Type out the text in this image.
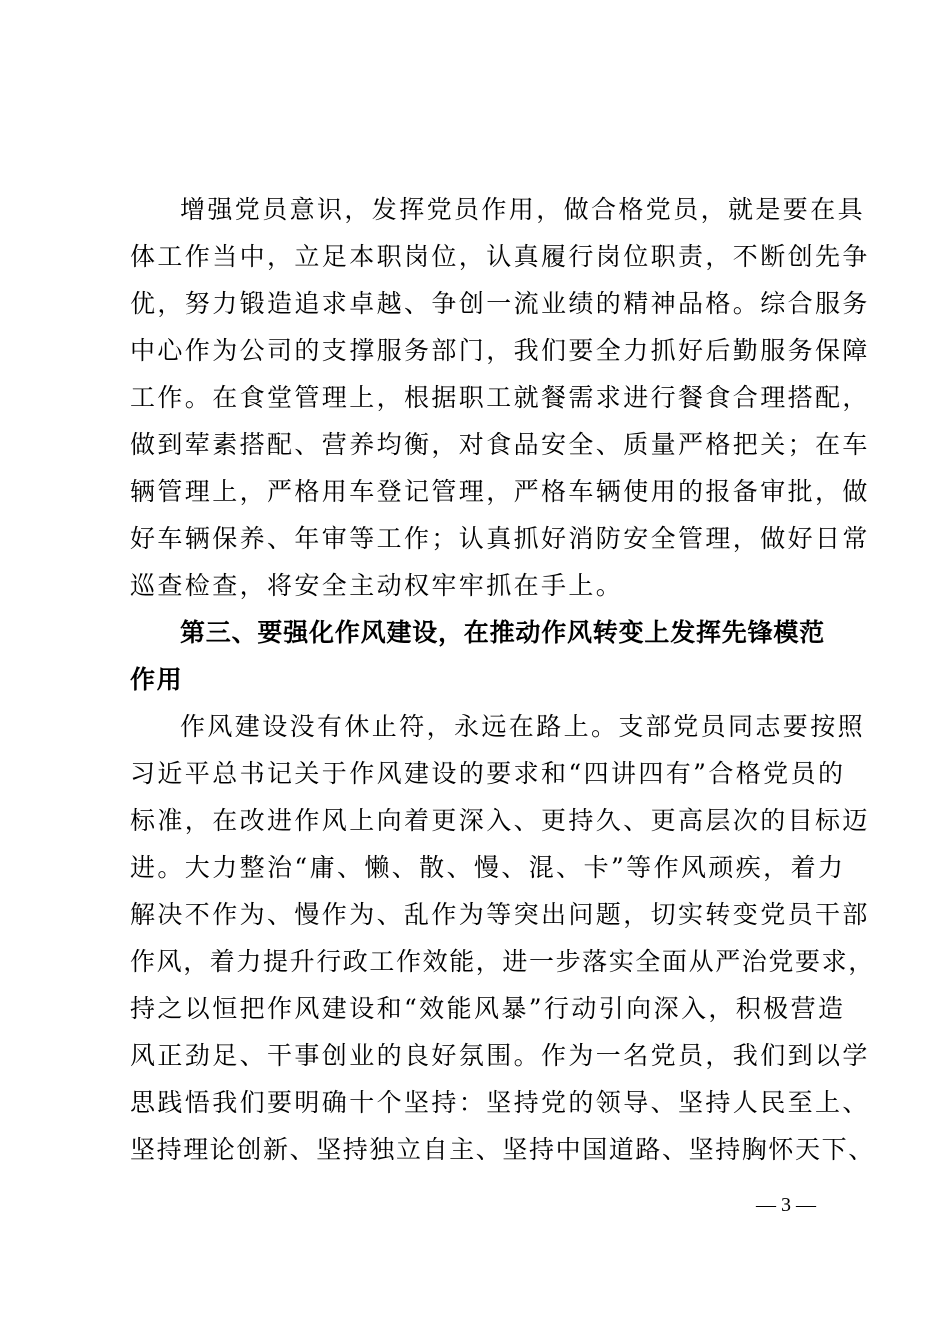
增强党员意识，发挥党员作用，做合格党员，就是要在具
体工作当中，立足本职岗位，认真履行岗位职责，不断创先争
优，努力锻造追求卓越、争创一流业绩的精神品格。综合服务
中心作为公司的支撑服务部门，我们要全力抓好后勤服务保障
工作。在食堂管理上，根据职工就餐需求进行餐食合理搭配，
做到荤素搭配、营养均衡，对食品安全、质量严格把关；在车
辆管理上，严格用车登记管理，严格车辆使用的报备审批，做
好车辆保养、年审等工作；认真抓好消防安全管理，做好日常
巡查检查，将安全主动权牢牢抓在手上。
第三、要强化作风建设，在推动作风转变上发挥先锋模范
作用
作风建设没有休止符，永远在路上。支部党员同志要按照
习近平总书记关于作风建设的要求和“四讲四有”合格党员的
标准，在改进作风上向着更深入、更持久、更高层次的目标迈
进。大力整治“庸、懒、散、慢、混、卡”等作风顽疾，着力
解决不作为、慢作为、乱作为等突出问题，切实转变党员干部
作风，着力提升行政工作效能，进一步落实全面从严治党要求，
持之以恒把作风建设和“效能风暴”行动引向深入，积极营造
风正劲足、干事创业的良好氛围。作为一名党员，我们到以学
思践悟我们要明确十个坚持：坚持党的领导、坚持人民至上、
坚持理论创新、坚持独立自主、坚持中国道路、坚持胸怀天下、
— 3 —
